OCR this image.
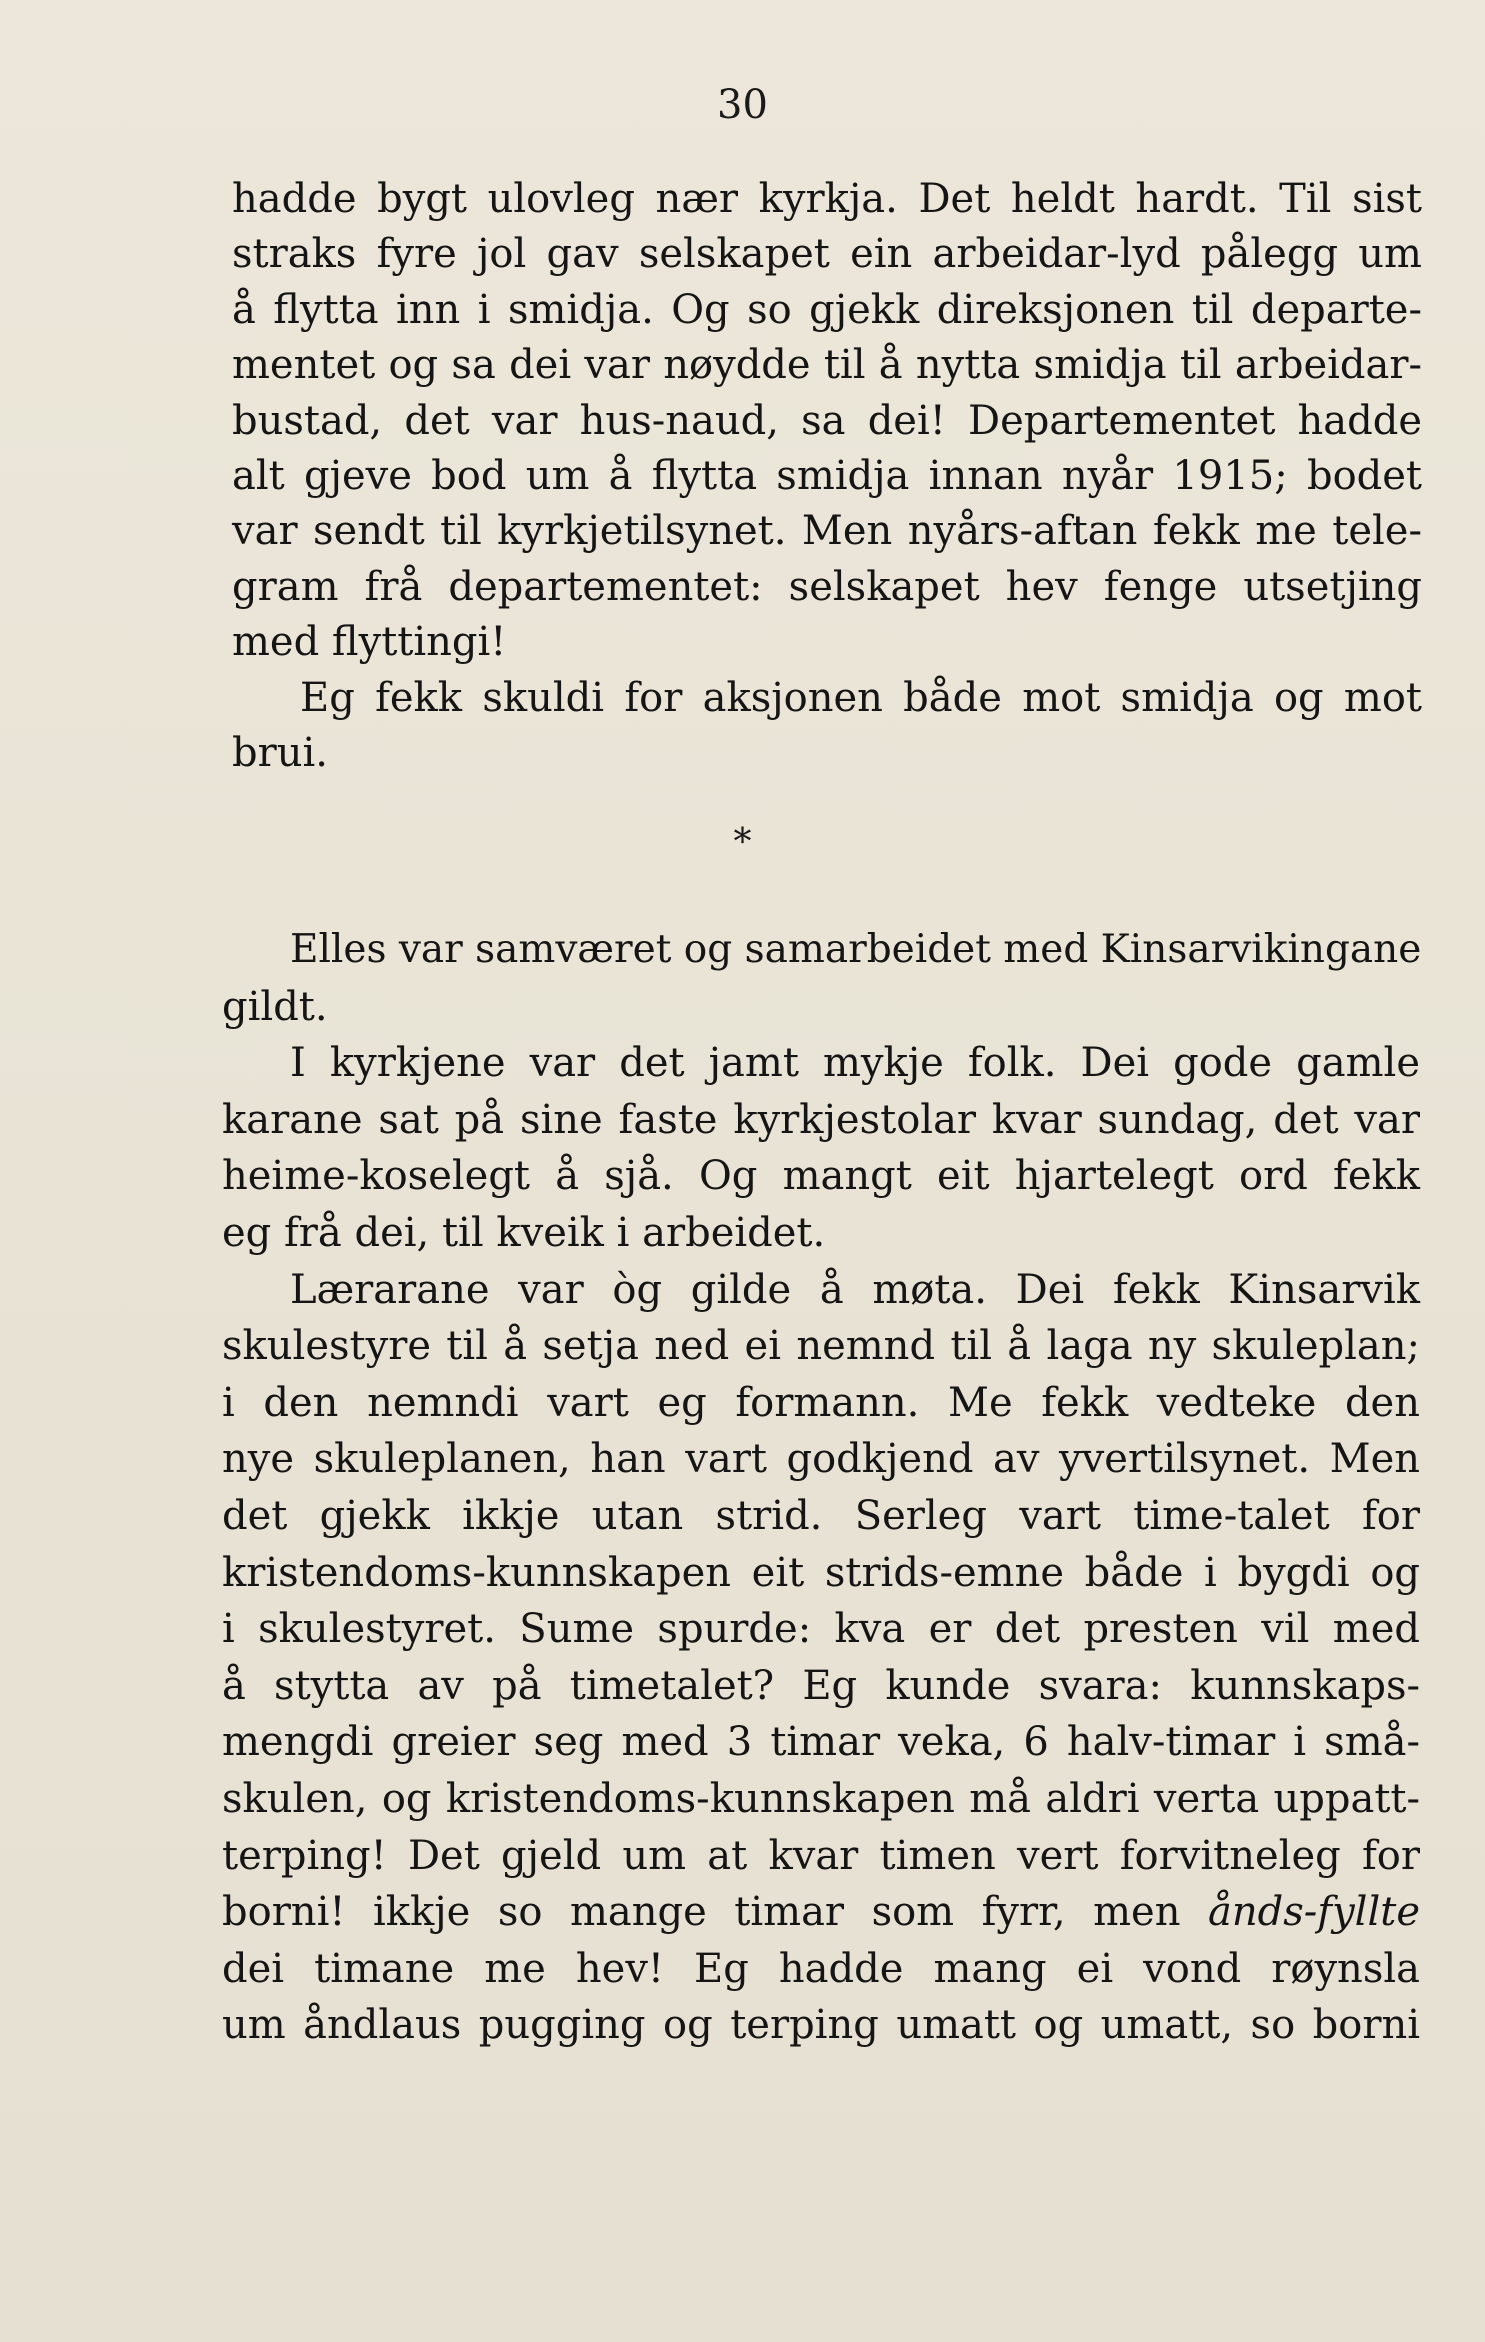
30
hadde bygt ulovleg nær kyrkja. Det heldt hardt. Til sist
straks fyre jol gav selskapet ein arbeidar-lyd pålegg um
å flytta inn i smidja. Og so gjekk direksjonen til departe-
mentet og sa dei var nøydde til å nytta smidja til arbeidar-
bustad, det var hus-naud, sa dei! Departementet hadde
alt gjeve bod um å flytta smidja innan nyår 1915; bodet
var sendt til kyrkjetilsynet. Men nyårs-aftan fekk me tele-
gram frå departementet: selskapet hev fenge utsetjing
med flyttingi!
Eg fekk skuldi for aksjonen både mot smidja og mot
brui.
*
Elles var samværet og samarbeidet med Kinsarvikingane
gildt.
I kyrkjene var det jamt mykje folk. Dei gode gamle
karane sat på sine faste kyrkjestolar kvar sundag, det var
heime-koselegt å sjå. Og mangt eit hjartelegt ord fekk
eg frå dei, til kveik i arbeidet.
Lærarane var òg gilde å møta. Dei fekk Kinsarvik
skulestyre til å setja ned ei nemnd til å laga ny skuleplan;
i den nemndi vart eg formann. Me fekk vedteke den
nye skuleplanen, han vart godkjend av yvertilsynet. Men
det gjekk ikkje utan strid. Serleg vart time-talet for
kristendoms-kunnskapen eit strids-emne både i bygdi og
i skulestyret. Sume spurde: kva er det presten vil med
å stytta av på timetalet? Eg kunde svara: kunnskaps-
mengdi greier seg med 3 timar veka, 6 halv-timar i små-
skulen, og kristendoms-kunnskapen må aldri verta uppatt-
terping! Det gjeld um at kvar timen vert forvitneleg for
borni! ikkje so mange timar som fyrr, men ånds-fyllte
dei timane me hev! Eg hadde mang ei vond røynsla
um åndlaus pugging og terping umatt og umatt, so borni
